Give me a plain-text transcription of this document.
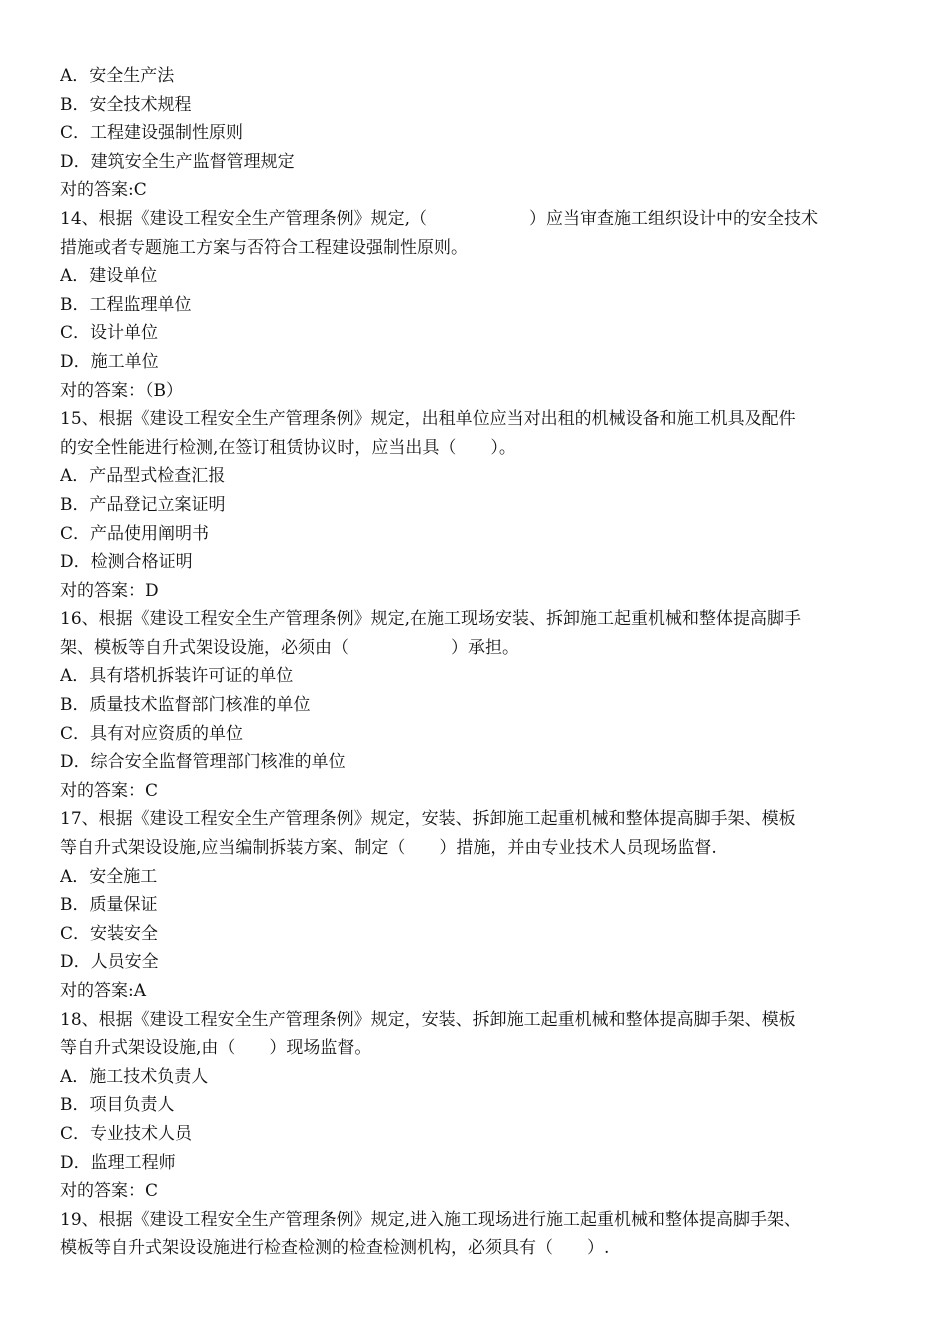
A．安全生产法
B．安全技术规程
C．工程建设强制性原则
D．建筑安全生产监督管理规定
对的答案:C
14、根据《建设工程安全生产管理条例》规定,（　　　　　　）应当审查施工组织设计中的安全技术
措施或者专题施工方案与否符合工程建设强制性原则。
A．建设单位
B．工程监理单位
C．设计单位
D．施工单位
对的答案：（B）
15、根据《建设工程安全生产管理条例》规定，出租单位应当对出租的机械设备和施工机具及配件
的安全性能进行检测,在签订租赁协议时，应当出具（　　）。
A．产品型式检查汇报
B．产品登记立案证明
C．产品使用阐明书
D．检测合格证明
对的答案：D
16、根据《建设工程安全生产管理条例》规定,在施工现场安装、拆卸施工起重机械和整体提高脚手
架、模板等自升式架设设施，必须由（　　　　　　）承担。
A．具有塔机拆装许可证的单位
B．质量技术监督部门核准的单位
C．具有对应资质的单位
D．综合安全监督管理部门核准的单位
对的答案：C
17、根据《建设工程安全生产管理条例》规定，安装、拆卸施工起重机械和整体提高脚手架、模板
等自升式架设设施,应当编制拆装方案、制定（　　）措施，并由专业技术人员现场监督.
A．安全施工
B．质量保证
C．安装安全
D．人员安全
对的答案:A
18、根据《建设工程安全生产管理条例》规定，安装、拆卸施工起重机械和整体提高脚手架、模板
等自升式架设设施,由（　　）现场监督。
A．施工技术负责人
B．项目负责人
C．专业技术人员
D．监理工程师
对的答案：C
19、根据《建设工程安全生产管理条例》规定,进入施工现场进行施工起重机械和整体提高脚手架、
模板等自升式架设设施进行检查检测的检查检测机构，必须具有（　　）.
